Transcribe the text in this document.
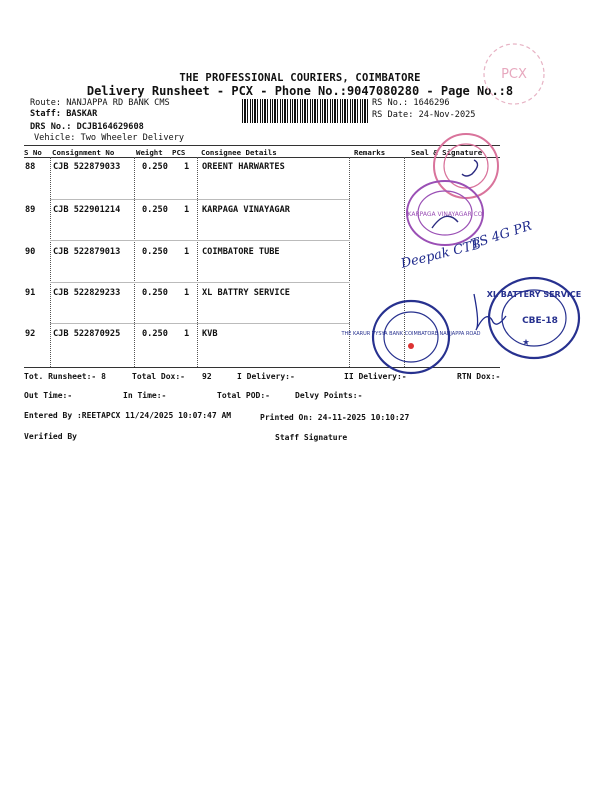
THE PROFESSIONAL COURIERS, COIMBATORE
Delivery Runsheet - PCX - Phone No.:9047080280 - Page No.:8
Route: NANJAPPA RD BANK CMS
Staff: BASKAR
DRS No.: DCJB164629608
Vehicle: Two Wheeler Delivery
RS No.: 1646296
RS Date: 24-Nov-2025
S No Consignment No	Weight PCS Consignee Details	Remarks	Seal & Signature
88 CJB 522879033	0.250 1 OREENT HARWARTES
89 CJB 522901214	0.250 1 KARPAGA VINAYAGAR
90 CJB 522879013	0.250 1 COIMBATORE TUBE
91 CJB 522829233	0.250 1 XL BATTRY SERVICE
92 CJB 522870925	0.250 1 KVB
Tot. Runsheet:- 8	Total Dox:- 92	I Delivery:-	II Delivery:-	RTN Dox:-
Out Time:-	In Time:-	Total POD:-	Delvy Points:-
Entered By :REETAPCX 11/24/2025 10:07:47 AM	Printed On: 24-11-2025 10:10:27
Verified By	Staff Signature
PCX
KARPAGA VINAYAGAR CO
Deepak CTB
TS 4G PR
THE KARUR VYSYA BANK COIMBATORE NANJAPPA ROAD
XL BATTERY SERVICE
CBE-18
★
